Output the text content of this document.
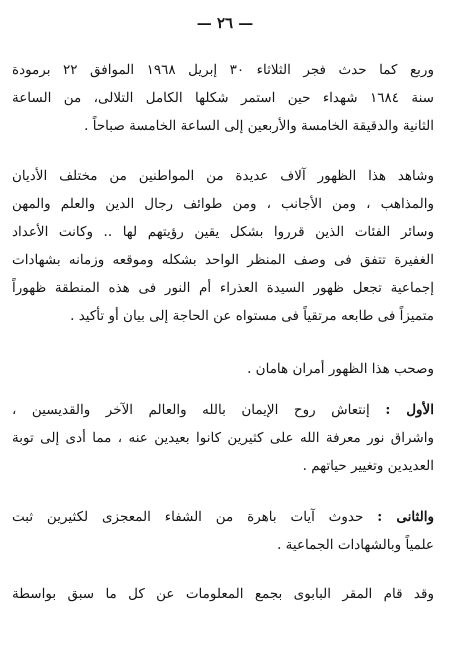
— ٢٦ —
وربع كما حدث فجر الثلاثاء ٣٠ إبريل ١٩٦٨ الموافق ٢٢ برمودة
سنة ١٦٨٤ شهداء حين استمر شكلها الكامل التلالى، من الساعة
الثانية والدقيقة الخامسة والأربعين إلى الساعة الخامسة صباحاً .
وشاهد هذا الظهور آلاف عديدة من المواطنين من مختلف الأديان
والمذاهب ، ومن الأجانب ، ومن طوائف رجال الدين والعلم والمهن
وسائر الفئات الذين قرروا بشكل يقين رؤيتهم لها .. وكانت الأعداد
الغفيرة تتفق فى وصف المنظر الواحد بشكله وموقعه وزمانه بشهادات
إجماعية تجعل ظهور السيدة العذراء أم النور فى هذه المنطقة ظهوراً
متميزاً فى طابعه مرتقياً فى مستواه عن الحاجة إلى بيان أو تأكيد .
وصحب هذا الظهور أمران هامان .
الأول : إنتعاش روح الإيمان بالله والعالم الآخر والقديسين ،
واشراق نور معرفة الله على كثيرين كانوا بعيدين عنه ، مما أدى إلى توبة
العديدين وتغيير حياتهم .
والثانى : حدوث آيات باهرة من الشفاء المعجزى لكثيرين ثبت
علمياً وبالشهادات الجماعية .
وقد قام المقر البابوى بجمع المعلومات عن كل ما سبق بواسطة
